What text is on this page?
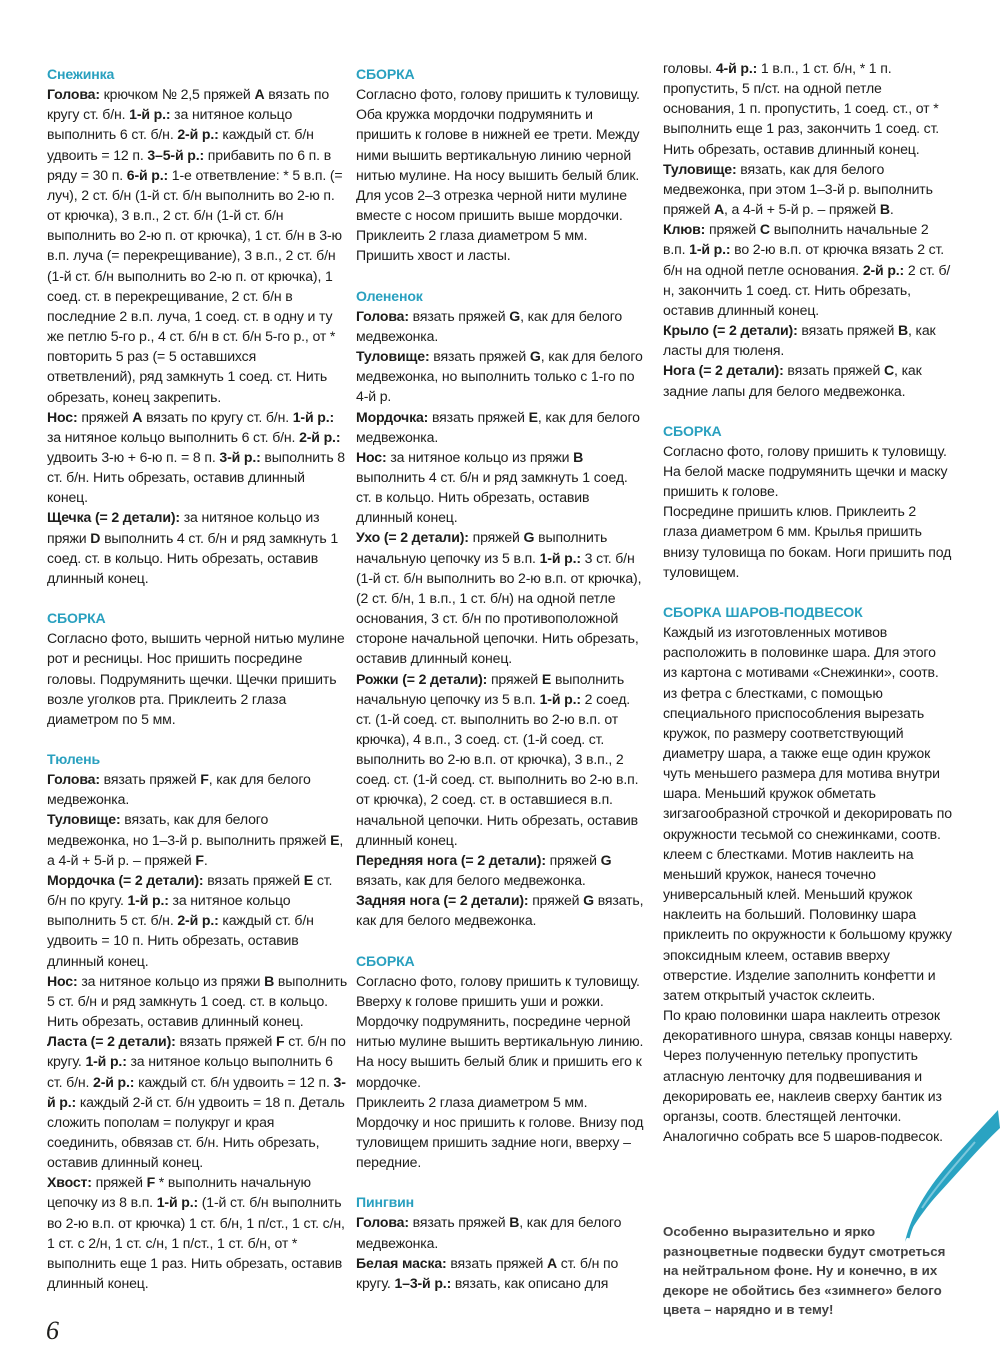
Снежинка

Голова: крючком № 2,5 пряжей А вязать по кругу ст. б/н. 1-й р.: за нитяное кольцо выполнить 6 ст. б/н. 2-й р.: каждый ст. б/н удвоить = 12 п. 3–5-й р.: прибавить по 6 п. в ряду = 30 п. 6-й р.: 1-е ответвление: * 5 в.п. (= луч), 2 ст. б/н (1-й ст. б/н выполнить во 2-ю п. от крючка), 3 в.п., 2 ст. б/н (1-й ст. б/н выполнить во 2-ю п. от крючка), 1 ст. б/н в 3-ю в.п. луча (= перекрещивание), 3 в.п., 2 ст. б/н (1-й ст. б/н выполнить во 2-ю п. от крючка), 1 соед. ст. в перекрещивание, 2 ст. б/н в последние 2 в.п. луча, 1 соед. ст. в одну и ту же петлю 5-го р., 4 ст. б/н в ст. б/н 5-го р., от * повторить 5 раз (= 5 оставшихся ответвлений), ряд замкнуть 1 соед. ст. Нить обрезать, конец закрепить.

Нос: пряжей А вязать по кругу ст. б/н. 1-й р.: за нитяное кольцо выполнить 6 ст. б/н. 2-й р.: удвоить 3-ю + 6-ю п. = 8 п. 3-й р.: выполнить 8 ст. б/н. Нить обрезать, оставив длинный конец.

Щечка (= 2 детали): за нитяное кольцо из пряжи D выполнить 4 ст. б/н и ряд замкнуть 1 соед. ст. в кольцо. Нить обрезать, оставив длинный конец.

СБОРКА

Согласно фото, вышить черной нитью мулине рот и ресницы. Нос пришить посредине головы. Подрумянить щечки. Щечки пришить возле уголков рта. Приклеить 2 глаза диаметром по 5 мм.

Тюлень

Голова: вязать пряжей F, как для белого медвежонка.

Туловище: вязать, как для белого медвежонка, но 1–3-й р. выполнить пряжей Е, а 4-й + 5-й р. – пряжей F.

Мордочка (= 2 детали): вязать пряжей Е ст. б/н по кругу. 1-й р.: за нитяное кольцо выполнить 5 ст. б/н. 2-й р.: каждый ст. б/н удвоить = 10 п. Нить обрезать, оставив длинный конец.

Нос: за нитяное кольцо из пряжи В выполнить 5 ст. б/н и ряд замкнуть 1 соед. ст. в кольцо. Нить обрезать, оставив длинный конец.

Ласта (= 2 детали): вязать пряжей F ст. б/н по кругу. 1-й р.: за нитяное кольцо выполнить 6 ст. б/н. 2-й р.: каждый ст. б/н удвоить = 12 п. 3-й р.: каждый 2-й ст. б/н удвоить = 18 п. Деталь сложить пополам = полукруг и края соединить, обвязав ст. б/н. Нить обрезать, оставив длинный конец.

Хвост: пряжей F * выполнить начальную цепочку из 8 в.п. 1-й р.: (1-й ст. б/н выполнить во 2-ю в.п. от крючка) 1 ст. б/н, 1 п/ст., 1 ст. с/н, 1 ст. с 2/н, 1 ст. с/н, 1 п/ст., 1 ст. б/н, от * выполнить еще 1 раз. Нить обрезать, оставив длинный конец.

СБОРКА

Согласно фото, голову пришить к туловищу. Оба кружка мордочки подрумянить и пришить к голове в нижней ее трети. Между ними вышить вертикальную линию черной нитью мулине. На носу вышить белый блик. Для усов 2–3 отрезка черной нити мулине вместе с носом пришить выше мордочки. Приклеить 2 глаза диаметром 5 мм.

Пришить хвост и ласты.

Олененок

Голова: вязать пряжей G, как для белого медвежонка.

Туловище: вязать пряжей G, как для белого медвежонка, но выполнить только с 1-го по 4-й р.

Мордочка: вязать пряжей Е, как для белого медвежонка.

Нос: за нитяное кольцо из пряжи В выполнить 4 ст. б/н и ряд замкнуть 1 соед. ст. в кольцо. Нить обрезать, оставив длинный конец.

Ухо (= 2 детали): пряжей G выполнить начальную цепочку из 5 в.п. 1-й р.: 3 ст. б/н (1-й ст. б/н выполнить во 2-ю в.п. от крючка), (2 ст. б/н, 1 в.п., 1 ст. б/н) на одной петле основания, 3 ст. б/н по противоположной стороне начальной цепочки. Нить обрезать, оставив длинный конец.

Рожки (= 2 детали): пряжей Е выполнить начальную цепочку из 5 в.п. 1-й р.: 2 соед. ст. (1-й соед. ст. выполнить во 2-ю в.п. от крючка), 4 в.п., 3 соед. ст. (1-й соед. ст. выполнить во 2-ю в.п. от крючка), 3 в.п., 2 соед. ст. (1-й соед. ст. выполнить во 2-ю в.п. от крючка), 2 соед. ст. в оставшиеся в.п. начальной цепочки. Нить обрезать, оставив длинный конец.

Передняя нога (= 2 детали): пряжей G вязать, как для белого медвежонка.

Задняя нога (= 2 детали): пряжей G вязать, как для белого медвежонка.

СБОРКА

Согласно фото, голову пришить к туловищу. Вверху к голове пришить уши и рожки. Мордочку подрумянить, посредине черной нитью мулине вышить вертикальную линию. На носу вышить белый блик и пришить его к мордочке.

Приклеить 2 глаза диаметром 5 мм. Мордочку и нос пришить к голове. Внизу под туловищем пришить задние ноги, вверху – передние.

Пингвин

Голова: вязать пряжей В, как для белого медвежонка.

Белая маска: вязать пряжей А ст. б/н по кругу. 1–3-й р.: вязать, как описано для

головы. 4-й р.: 1 в.п., 1 ст. б/н, * 1 п. пропустить, 5 п/ст. на одной петле основания, 1 п. пропустить, 1 соед. ст., от * выполнить еще 1 раз, закончить 1 соед. ст. Нить обрезать, оставив длинный конец.

Туловище: вязать, как для белого медвежонка, при этом 1–3-й р. выполнить пряжей А, а 4-й + 5-й р. – пряжей В.

Клюв: пряжей С выполнить начальные 2 в.п. 1-й р.: во 2-ю в.п. от крючка вязать 2 ст. б/н на одной петле основания. 2-й р.: 2 ст. б/н, закончить 1 соед. ст. Нить обрезать, оставив длинный конец.

Крыло (= 2 детали): вязать пряжей В, как ласты для тюленя.

Нога (= 2 детали): вязать пряжей С, как задние лапы для белого медвежонка.

СБОРКА

Согласно фото, голову пришить к туловищу. На белой маске подрумянить щечки и маску пришить к голове.

Посредине пришить клюв. Приклеить 2 глаза диаметром 6 мм. Крылья пришить внизу туловища по бокам. Ноги пришить под туловищем.

СБОРКА ШАРОВ-ПОДВЕСОК

Каждый из изготовленных мотивов расположить в половинке шара. Для этого из картона с мотивами «Снежинки», соотв. из фетра с блестками, с помощью специального приспособления вырезать кружок, по размеру соответствующий диаметру шара, а также еще один кружок чуть меньшего размера для мотива внутри шара. Меньший кружок обметать зигзагообразной строчкой и декорировать по окружности тесьмой со снежинками, соотв. клеем с блестками. Мотив наклеить на меньший кружок, нанеся точечно универсальный клей. Меньший кружок наклеить на больший. Половинку шара приклеить по окружности к большому кружку эпоксидным клеем, оставив вверху отверстие. Изделие заполнить конфетти и затем открытый участок склеить.

По краю половинки шара наклеить отрезок декоративного шнура, связав концы наверху. Через полученную петельку пропустить атласную ленточку для подвешивания и декорировать ее, наклеив сверху бантик из органзы, соотв. блестящей ленточки. Аналогично собрать все 5 шаров-подвесок.

Особенно выразительно и ярко разноцветные подвески будут смотреться на нейтральном фоне. Ну и конечно, в их декоре не обойтись без «зимнего» белого цвета – нарядно и в тему!
6
